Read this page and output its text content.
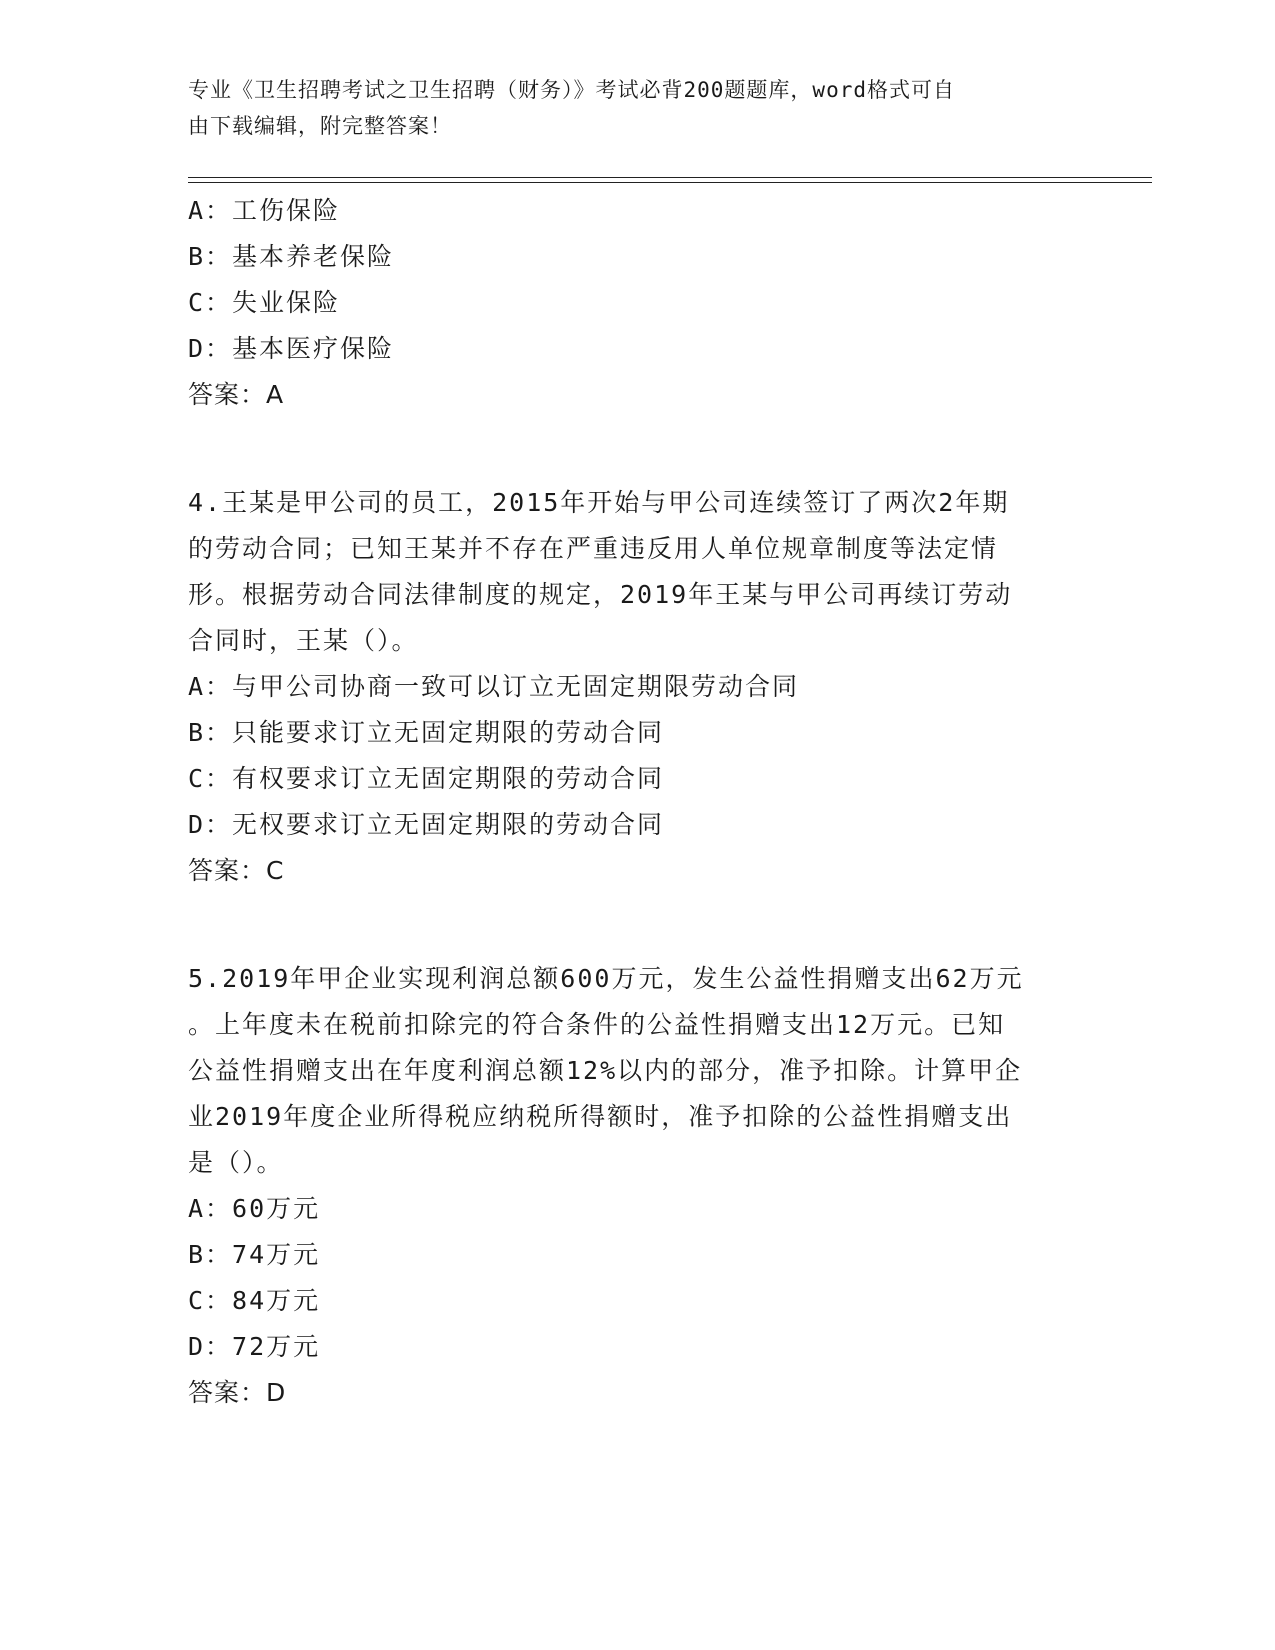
专业《卫生招聘考试之卫生招聘（财务）》考试必背200题题库，word格式可自
由下载编辑，附完整答案！
A：工伤保险
B：基本养老保险
C：失业保险
D：基本医疗保险
答案：A
4.王某是甲公司的员工，2015年开始与甲公司连续签订了两次2年期
的劳动合同；已知王某并不存在严重违反用人单位规章制度等法定情
形。根据劳动合同法律制度的规定，2019年王某与甲公司再续订劳动
合同时，王某（）。
A：与甲公司协商一致可以订立无固定期限劳动合同
B：只能要求订立无固定期限的劳动合同
C：有权要求订立无固定期限的劳动合同
D：无权要求订立无固定期限的劳动合同
答案：C
5.2019年甲企业实现利润总额600万元，发生公益性捐赠支出62万元
。上年度未在税前扣除完的符合条件的公益性捐赠支出12万元。已知
公益性捐赠支出在年度利润总额12%以内的部分，准予扣除。计算甲企
业2019年度企业所得税应纳税所得额时，准予扣除的公益性捐赠支出
是（）。
A：60万元
B：74万元
C：84万元
D：72万元
答案：D
